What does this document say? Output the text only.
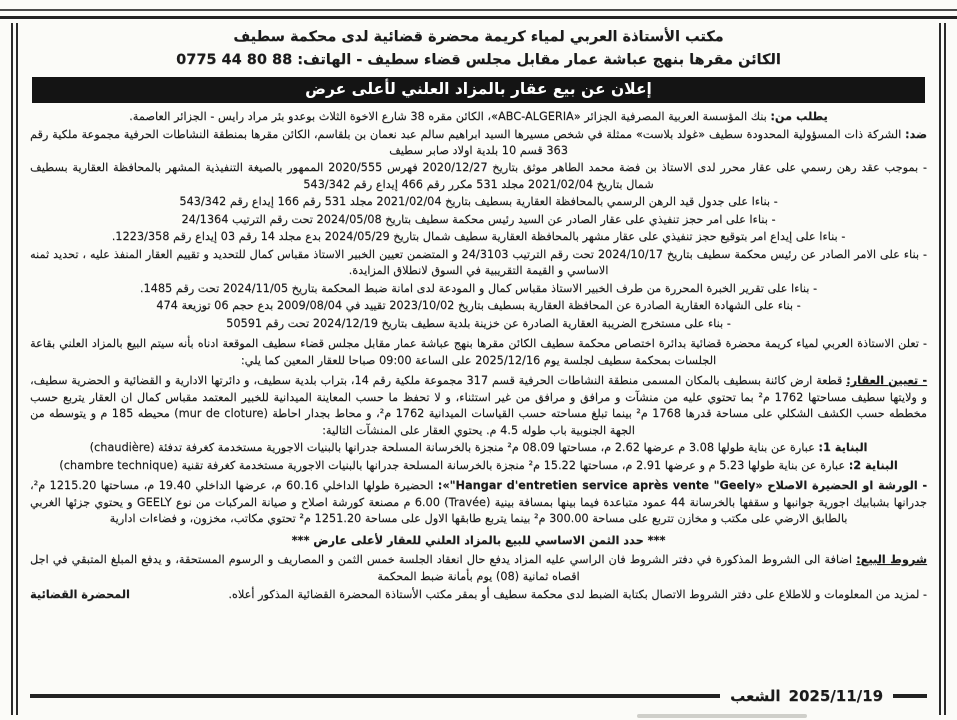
مكتب الأستاذة العربي لمياء كريمة محضرة قضائية لدى محكمة سطيف
الكائن مقرها بنهج عباشة عمار مقابل مجلس قضاء سطيف - الهاتف: 0775 44 80 88
إعلان عن بيع عقار بالمزاد العلني لأعلى عرض
يطلب من: بنك المؤسسة العربية المصرفية الجزائر «ABC-ALGERIA»، الكائن مقره 38 شارع الاخوة الثلاث بوعدو بئر مراد رايس - الجزائر العاصمة.
ضد: الشركة ذات المسؤولية المحدودة سطيف «غولد بلاست» ممثلة في شخص مسيرها السيد ابراهيم سالم عبد نعمان بن بلقاسم، الكائن مقرها بمنطقة النشاطات الحرفية مجموعة ملكية رقم 363 قسم 10 بلدية اولاد صابر سطيف
- بموجب عقد رهن رسمي على عقار محرر لدى الاستاذ بن فضة محمد الطاهر موثق بتاريخ 2020/12/27 فهرس 2020/555 الممهور بالصيغة التنفيذية المشهر بالمحافظة العقارية بسطيف شمال بتاريخ 2021/02/04 مجلد 531 مكرر رقم 466 إيداع رقم 543/342
- بناءا على جدول قيد الرهن الرسمي بالمحافظة العقارية بسطيف بتاريخ 2021/02/04 مجلد 531 رقم 166 إيداع رقم 543/342
- بناءا على امر حجز تنفيذي على عقار الصادر عن السيد رئيس محكمة سطيف بتاريخ 2024/05/08 تحت رقم الترتيب 24/1364
- بناءا على إيداع امر بتوقيع حجز تنفيذي على عقار مشهر بالمحافظة العقارية سطيف شمال بتاريخ 2024/05/29 بدع مجلد 14 رقم 03 إيداع رقم 1223/358.
- بناء على الامر الصادر عن رئيس محكمة سطيف بتاريخ 2024/10/17 تحت رقم الترتيب 24/3103 و المتضمن تعيين الخبير الاستاذ مقباس كمال للتحديد و تقييم العقار المنفذ عليه ، تحديد ثمنه الاساسي و القيمة التقريبية في السوق لانطلاق المزايدة.
- بناءا على تقرير الخبرة المحررة من طرف الخبير الاستاذ مقباس كمال و المودعة لدى امانة ضبط المحكمة بتاريخ 2024/11/05 تحت رقم 1485.
- بناء على الشهادة العقارية الصادرة عن المحافظة العقارية بسطيف بتاريخ 2023/10/02 تقييد في 2009/08/04 بدع حجم 06 توزيعة 474
- بناء على مستخرج الضريبة العقارية الصادرة عن خزينة بلدية سطيف بتاريخ 2024/12/19 تحت رقم 50591
- تعلن الاستاذة العربي لمياء كريمة محضرة قضائية بدائرة اختصاص محكمة سطيف الكائن مقرها بنهج عباشة عمار مقابل مجلس قضاء سطيف الموقعة ادناه بأنه سيتم البيع بالمزاد العلني بقاعة الجلسات بمحكمة سطيف لجلسة يوم 2025/12/16 على الساعة 09:00 صباحا للعقار المعين كما يلي:
- تعيين العقار: قطعة ارض كائنة بسطيف بالمكان المسمى منطقة النشاطات الحرفية قسم 317 مجموعة ملكية رقم 14، بتراب بلدية سطيف، و دائرتها الادارية و القضائية و الحضرية سطيف، و ولايتها سطيف مساحتها 1762 م² بما تحتوي عليه من منشآت و مرافق و مرافق من غير استثناء، و لا تحفظ ما حسب المعاينة الميدانية للخبير المعتمد مقباس كمال ان العقار يتربع حسب مخططه حسب الكشف الشكلي على مساحة قدرها 1768 م² بينما تبلغ مساحته حسب القياسات الميدانية 1762 م²، و محاط بجدار احاطة (mur de cloture) محيطه 185 م و يتوسطه من الجهة الجنوبية باب طوله 4.5 م. يحتوي العقار على المنشآت التالية:
البناية 1: عبارة عن بناية طولها 3.08 م عرضها 2.62 م، مساحتها 08.09 م² منجزة بالخرسانة المسلحة جدرانها بالبنيات الاجورية مستخدمة كغرفة تدفئة (chaudière)
البناية 2: عبارة عن بناية طولها 5.23 م و عرضها 2.91 م، مساحتها 15.22 م² منجزة بالخرسانة المسلحة جدرانها بالبنيات الاجورية مستخدمة كغرفة تقنية (chambre technique)
- الورشة او الحضيرة الاصلاح «Hangar d'entretien service après vente "Geely"»: الحضيرة طولها الداخلي 60.16 م، عرضها الداخلي 19.40 م، مساحتها 1215.20 م²، جدرانها بشبابيك اجورية جوانبها و سقفها بالخرسانة 44 عمود متباعدة فيما بينها بمسافة بينية (Travée) 6.00 م مصنعة كورشة اصلاح و صيانة المركبات من نوع GEELY و يحتوي جزئها الغربي بالطابق الارضي على مكتب و مخازن تتربع على مساحة 300.00 م² بينما يتربع طابقها الاول على مساحة 1251.20 م² تحتوي مكاتب، مخزون، و فضاءات ادارية
*** حدد الثمن الاساسي للبيع بالمزاد العلني للعقار لأعلى عارض ***
شروط البيع: اضافة الى الشروط المذكورة في دفتر الشروط فان الراسي عليه المزاد يدفع حال انعقاد الجلسة خمس الثمن و المصاريف و الرسوم المستحقة، و يدفع المبلغ المتبقي في اجل اقصاه ثمانية (08) يوم بأمانة ضبط المحكمة
- لمزيد من المعلومات و للاطلاع على دفتر الشروط الاتصال بكتابة الضبط لدى محكمة سطيف أو بمقر مكتب الأستاذة المحضرة القضائية المذكور أعلاه.
المحضرة القضائية
الشعب 2025/11/19
